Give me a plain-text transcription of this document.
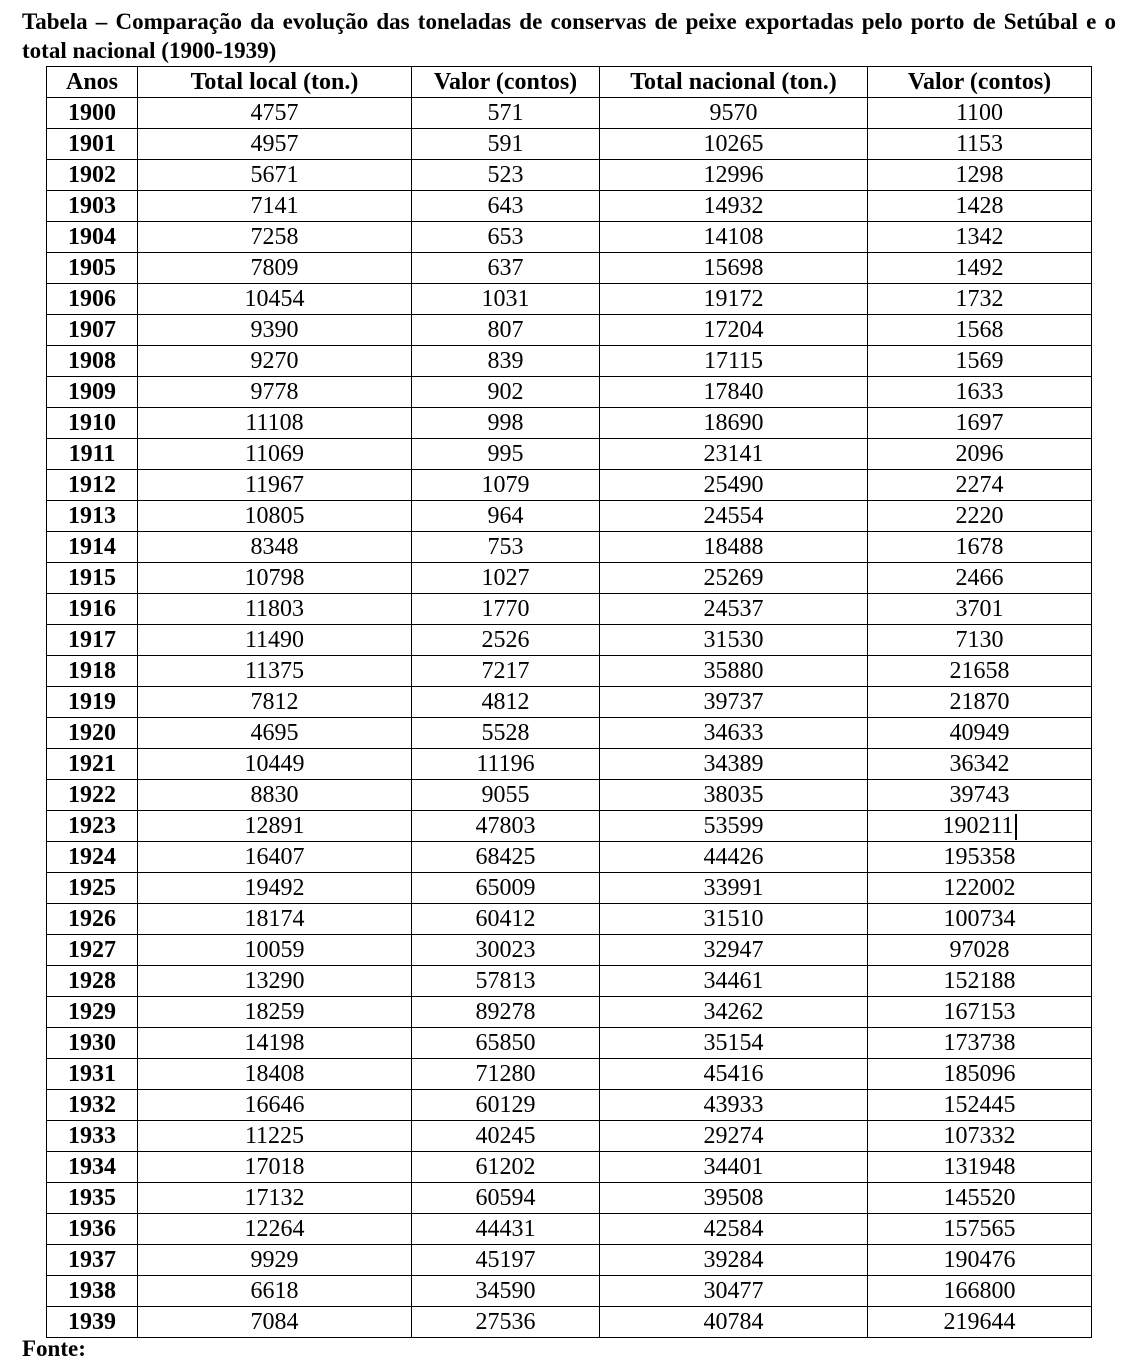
Tabela – Comparação da evolução das toneladas de conservas de peixe exportadas pelo porto de Setúbal e o total nacional (1900-1939)
Anos	Total local (ton.)	Valor (contos)	Total nacional (ton.)	Valor (contos)
1900	4757	571	9570	1100
1901	4957	591	10265	1153
1902	5671	523	12996	1298
1903	7141	643	14932	1428
1904	7258	653	14108	1342
1905	7809	637	15698	1492
1906	10454	1031	19172	1732
1907	9390	807	17204	1568
1908	9270	839	17115	1569
1909	9778	902	17840	1633
1910	11108	998	18690	1697
1911	11069	995	23141	2096
1912	11967	1079	25490	2274
1913	10805	964	24554	2220
1914	8348	753	18488	1678
1915	10798	1027	25269	2466
1916	11803	1770	24537	3701
1917	11490	2526	31530	7130
1918	11375	7217	35880	21658
1919	7812	4812	39737	21870
1920	4695	5528	34633	40949
1921	10449	11196	34389	36342
1922	8830	9055	38035	39743
1923	12891	47803	53599	190211
1924	16407	68425	44426	195358
1925	19492	65009	33991	122002
1926	18174	60412	31510	100734
1927	10059	30023	32947	97028
1928	13290	57813	34461	152188
1929	18259	89278	34262	167153
1930	14198	65850	35154	173738
1931	18408	71280	45416	185096
1932	16646	60129	43933	152445
1933	11225	40245	29274	107332
1934	17018	61202	34401	131948
1935	17132	60594	39508	145520
1936	12264	44431	42584	157565
1937	9929	45197	39284	190476
1938	6618	34590	30477	166800
1939	7084	27536	40784	219644
Fonte:
